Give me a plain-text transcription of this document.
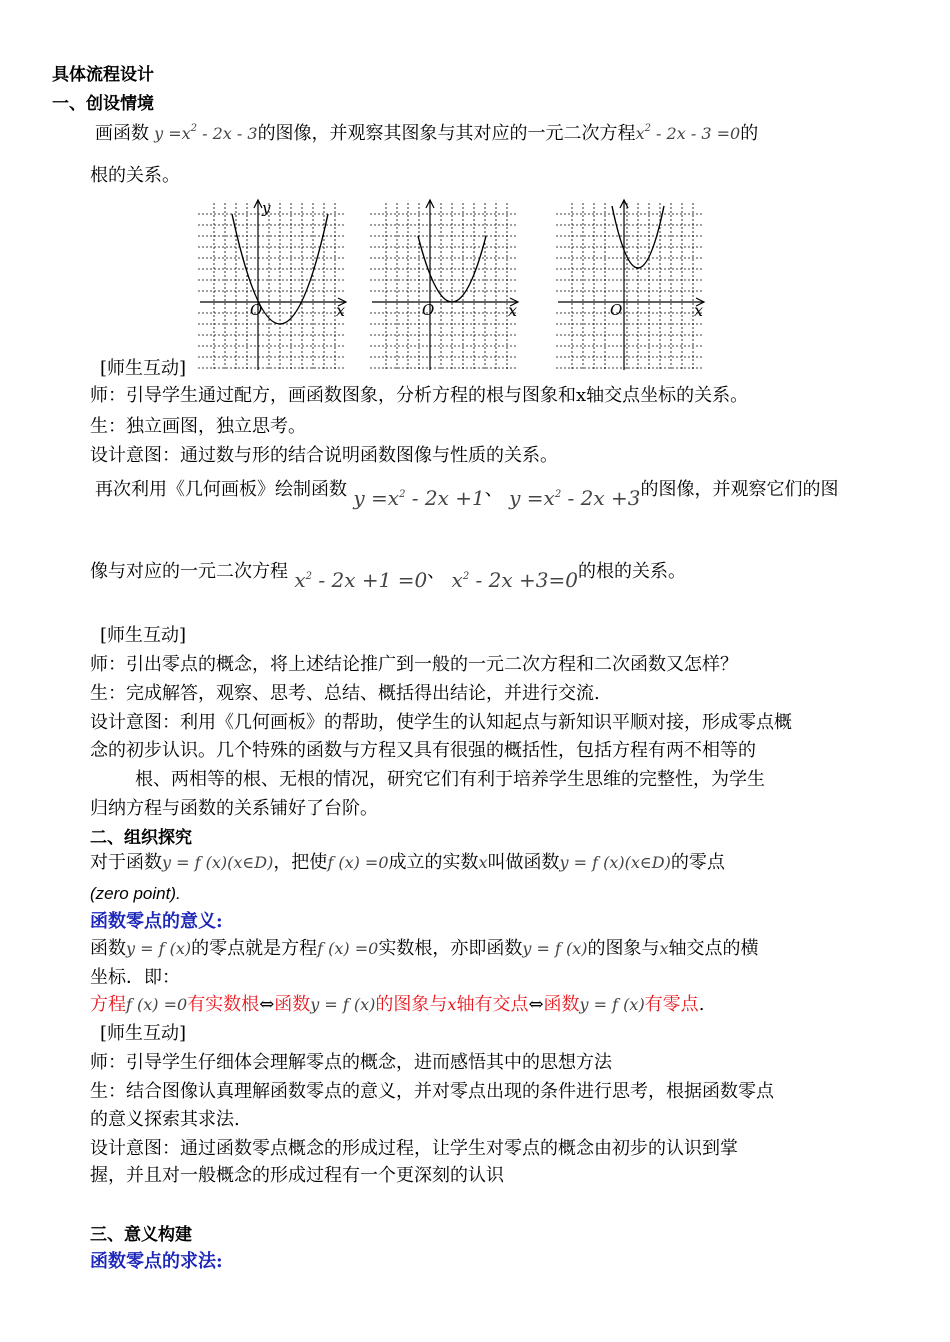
具体流程设计
一、创设情境
画函数 $y =x^2 - 2x - 3$的图像，并观察其图象与其对应的一元二次方程$x^2 - 2x - 3 =0$的
根的关系。
O	x
y
O	x	O	x
[师生互动]
师：引导学生通过配方，画函数图象，分析方程的根与图象和x轴交点坐标的关系。
生：独立画图，独立思考。
设计意图：通过数与形的结合说明函数图像与性质的关系。
再次利用《几何画板》绘制函数 $y =x^2 - 2x +1$、 $y =x^2 - 2x +3$的图像，并观察它们的图
像与对应的一元二次方程 $x^2 - 2x +1 =0$、 $x^2 - 2x +3=0$的根的关系。
[师生互动]
师：引出零点的概念，将上述结论推广到一般的一元二次方程和二次函数又怎样？
生：完成解答，观察、思考、总结、概括得出结论，并进行交流.
设计意图：利用《几何画板》的帮助，使学生的认知起点与新知识平顺对接，形成零点概
念的初步认识。几个特殊的函数与方程又具有很强的概括性，包括方程有两不相等的
根、两相等的根、无根的情况，研究它们有利于培养学生思维的完整性，为学生
归纳方程与函数的关系铺好了台阶。
二、组织探究
对于函数y = f (x)(x∈D)，把使f (x) =0成立的实数x叫做函数y = f (x)(x∈D)的零点
(zero point).
函数零点的意义:
函数y = f (x)的零点就是方程f (x) =0实数根，亦即函数y = f (x)的图象与x轴交点的横
坐标．即：
方程f (x) =0有实数根⇔函数y = f (x)的图象与x轴有交点⇔函数y = f (x)有零点.
[师生互动]
师：引导学生仔细体会理解零点的概念，进而感悟其中的思想方法
生：结合图像认真理解函数零点的意义，并对零点出现的条件进行思考，根据函数零点
的意义探索其求法.
设计意图：通过函数零点概念的形成过程，让学生对零点的概念由初步的认识到掌
握，并且对一般概念的形成过程有一个更深刻的认识
三、意义构建
函数零点的求法:
